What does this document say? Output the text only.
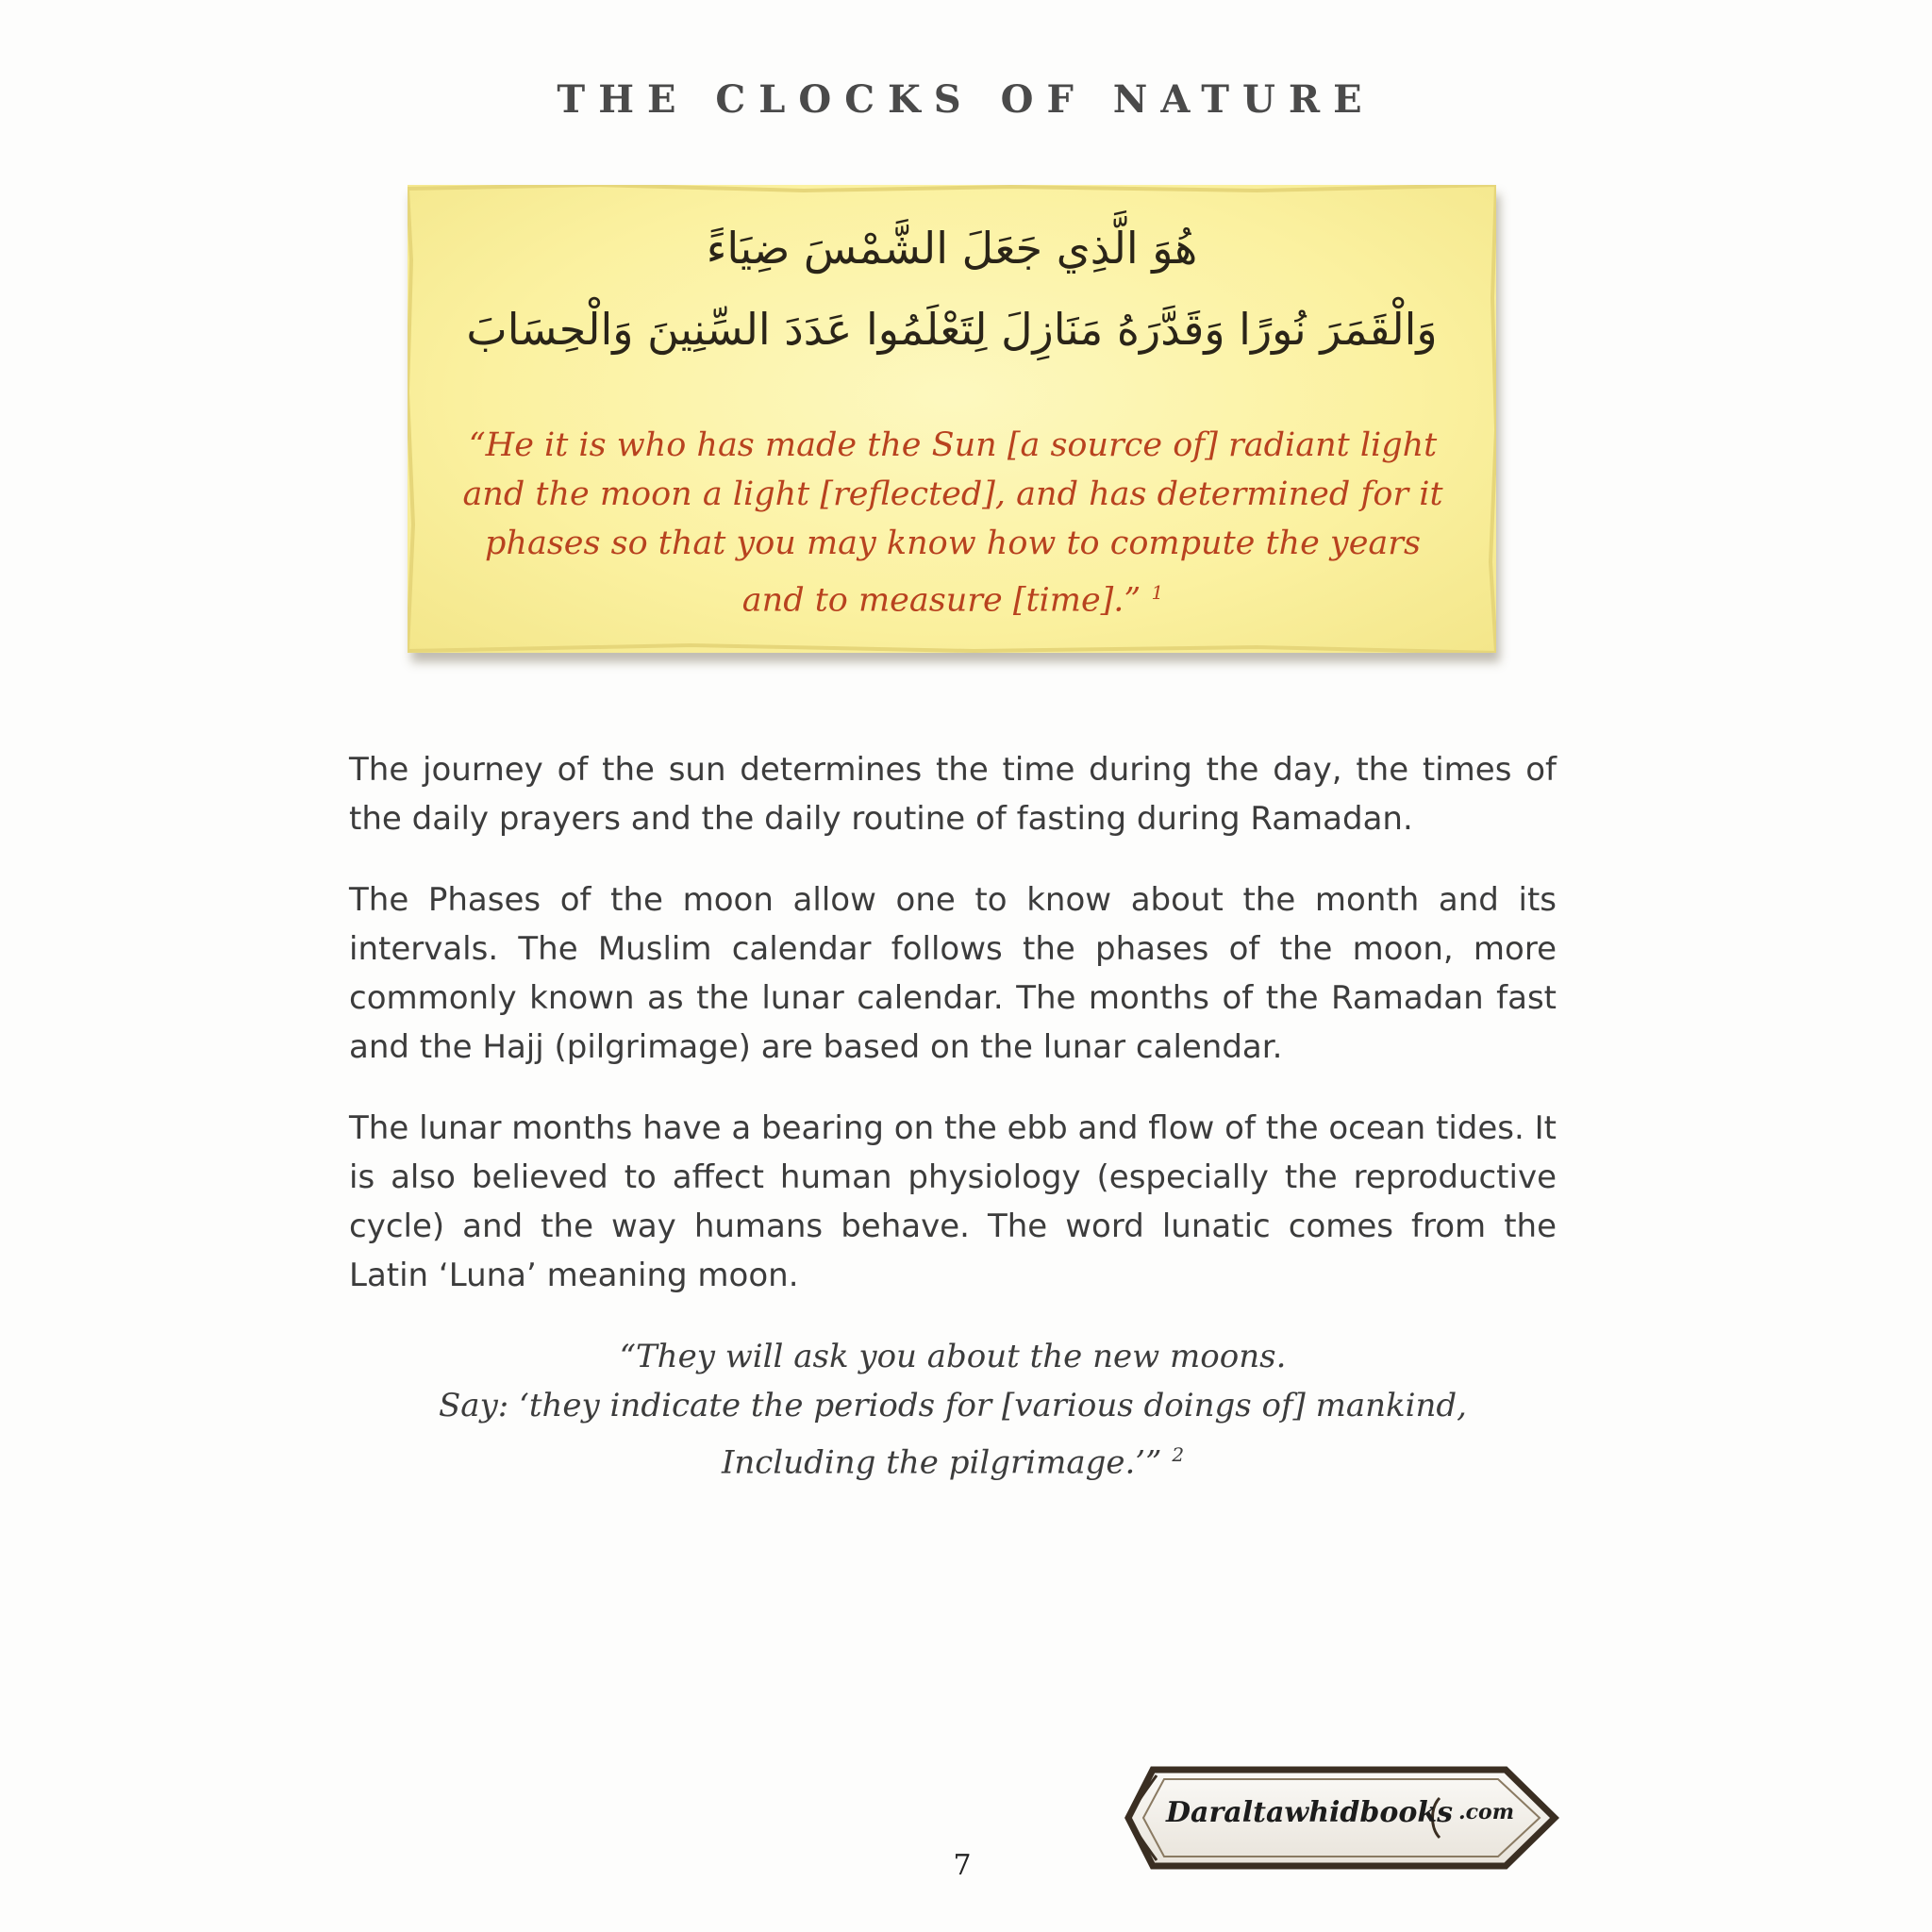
THE CLOCKS OF NATURE
هُوَ الَّذِي جَعَلَ الشَّمْسَ ضِيَاءً
وَالْقَمَرَ نُورًا وَقَدَّرَهُ مَنَازِلَ لِتَعْلَمُوا عَدَدَ السِّنِينَ وَالْحِسَابَ
“He it is who has made the Sun [a source of] radiant light
and the moon a light [reflected], and has determined for it
phases so that you may know how to compute the years
and to measure [time].” $^1$
The journey of the sun determines the time during the day, the times of the daily prayers and the daily routine of fasting during Ramadan.
The Phases of the moon allow one to know about the month and its intervals. The Muslim calendar follows the phases of the moon, more commonly known as the lunar calendar. The months of the Ramadan fast and the Hajj (pilgrimage) are based on the lunar calendar.
The lunar months have a bearing on the ebb and flow of the ocean tides. It is also believed to affect human physiology (especially the reproductive cycle) and the way humans behave. The word lunatic comes from the Latin ‘Luna’ meaning moon.
“They will ask you about the new moons.
Say: ‘they indicate the periods for [various doings of] mankind,
Including the pilgrimage.’” $^2$
Daraltawhidbooks .com
7
